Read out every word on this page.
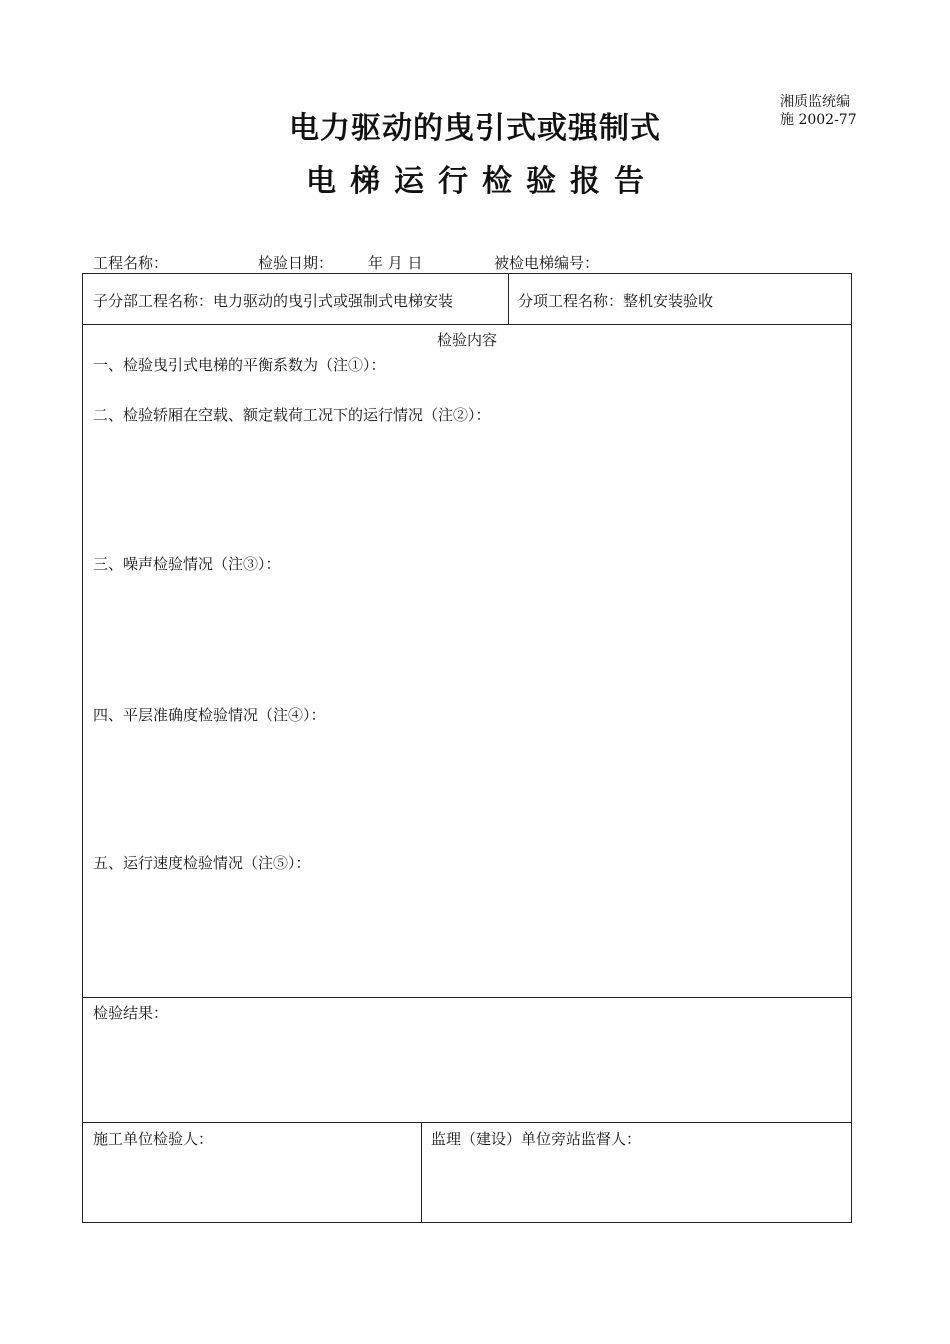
湘质监统编
施 2002-77
电力驱动的曳引式或强制式
电梯运行检验报告
工程名称：	检验日期： 年 月 日	被检电梯编号：
子分部工程名称：电力驱动的曳引式或强制式电梯安装	分项工程名称：整机安装验收
检验内容
一、检验曳引式电梯的平衡系数为（注①）：
二、检验轿厢在空载、额定载荷工况下的运行情况（注②）：
三、噪声检验情况（注③）：
四、平层准确度检验情况（注④）：
五、运行速度检验情况（注⑤）：
检验结果：
施工单位检验人：	监理（建设）单位旁站监督人：
